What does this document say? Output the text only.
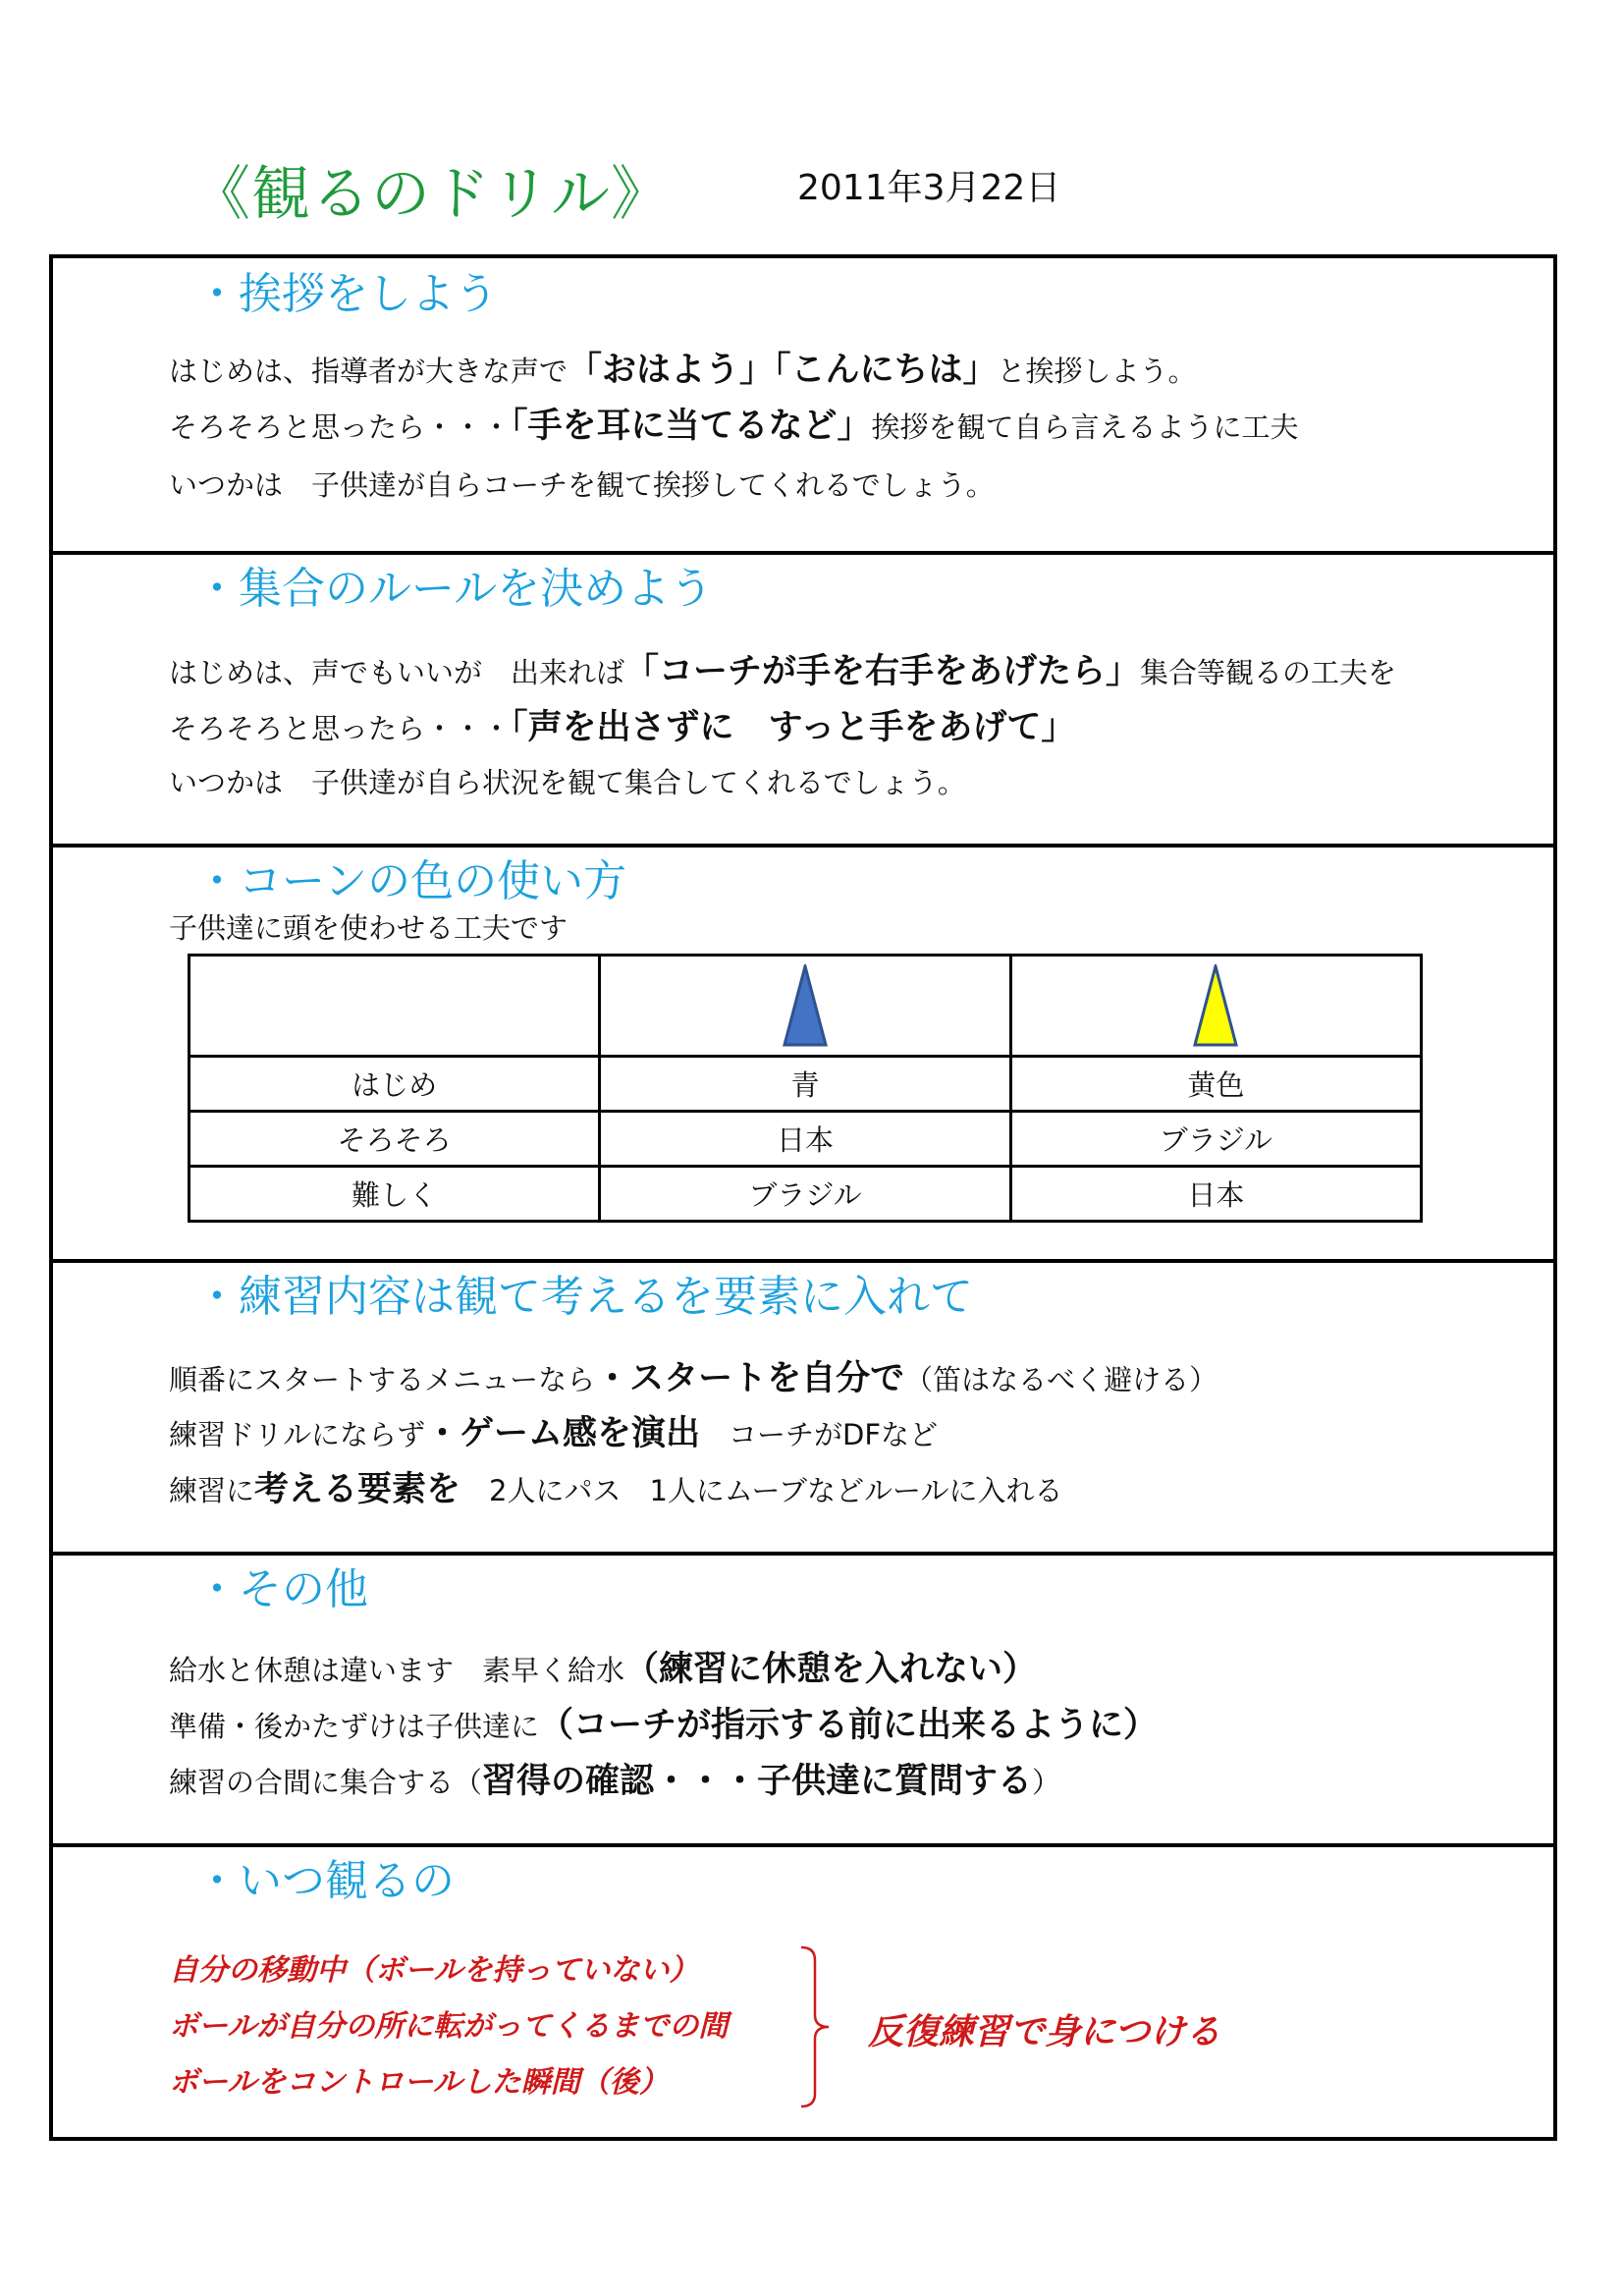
《観るのドリル》	2011年3月22日
・挨拶をしよう
はじめは、指導者が大きな声で「おはよう」「こんにちは」と挨拶しよう。
そろそろと思ったら・・・「手を耳に当てるなど」挨拶を観て自ら言えるように工夫
いつかは　子供達が自らコーチを観て挨拶してくれるでしょう。
・集合のルールを決めよう
はじめは、声でもいいが　出来れば「コーチが手を右手をあげたら」集合等観るの工夫を
そろそろと思ったら・・・「声を出さずに　すっと手をあげて」
いつかは　子供達が自ら状況を観て集合してくれるでしょう。
・コーンの色の使い方
子供達に頭を使わせる工夫です

はじめ	青	黄色
そろそろ	日本	ブラジル
難しく	ブラジル	日本
・練習内容は観て考えるを要素に入れて
順番にスタートするメニューなら・スタートを自分で（笛はなるべく避ける）
練習ドリルにならず・ゲーム感を演出　コーチがDFなど
練習に考える要素を　2人にパス　1人にムーブなどルールに入れる
・その他
給水と休憩は違います　素早く給水（練習に休憩を入れない）
準備・後かたずけは子供達に（コーチが指示する前に出来るように）
練習の合間に集合する（習得の確認・・・子供達に質問する）
・いつ観るの
自分の移動中（ボールを持っていない）
ボールが自分の所に転がってくるまでの間
ボールをコントロールした瞬間（後）
反復練習で身につける
